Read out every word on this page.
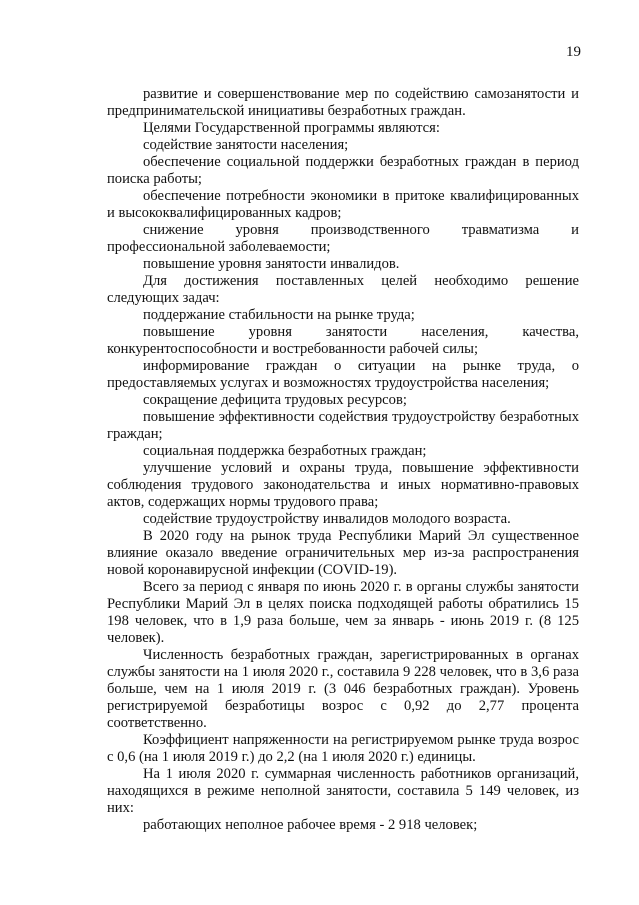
19

развитие и совершенствование мер по содействию самозанятости и предпринимательской инициативы безработных граждан.

Целями Государственной программы являются:

содействие занятости населения;

обеспечение социальной поддержки безработных граждан в период поиска работы;

обеспечение потребности экономики в притоке квалифицированных и высококвалифицированных кадров;

снижение уровня производственного травматизма и профессиональной заболеваемости;

повышение уровня занятости инвалидов.

Для достижения поставленных целей необходимо решение следующих задач:

поддержание стабильности на рынке труда;

повышение уровня занятости населения, качества, конкурентоспособности и востребованности рабочей силы;

информирование граждан о ситуации на рынке труда, о предоставляемых услугах и возможностях трудоустройства населения;

сокращение дефицита трудовых ресурсов;

повышение эффективности содействия трудоустройству безработных граждан;

социальная поддержка безработных граждан;

улучшение условий и охраны труда, повышение эффективности соблюдения трудового законодательства и иных нормативно-правовых актов, содержащих нормы трудового права;

содействие трудоустройству инвалидов молодого возраста.

В 2020 году на рынок труда Республики Марий Эл существенное влияние оказало введение ограничительных мер из-за распространения новой коронавирусной инфекции (COVID-19).

Всего за период с января по июнь 2020 г. в органы службы занятости Республики Марий Эл в целях поиска подходящей работы обратились 15 198 человек, что в 1,9 раза больше, чем за январь - июнь 2019 г. (8 125 человек).

Численность безработных граждан, зарегистрированных в органах службы занятости на 1 июля 2020 г., составила 9 228 человек, что в 3,6 раза больше, чем на 1 июля 2019 г. (3 046 безработных граждан). Уровень регистрируемой безработицы возрос с 0,92 до 2,77 процента соответственно.

Коэффициент напряженности на регистрируемом рынке труда возрос с 0,6 (на 1 июля 2019 г.) до 2,2 (на 1 июля 2020 г.) единицы.

На 1 июля 2020 г. суммарная численность работников организаций, находящихся в режиме неполной занятости, составила 5 149 человек, из них:

работающих неполное рабочее время - 2 918 человек;
